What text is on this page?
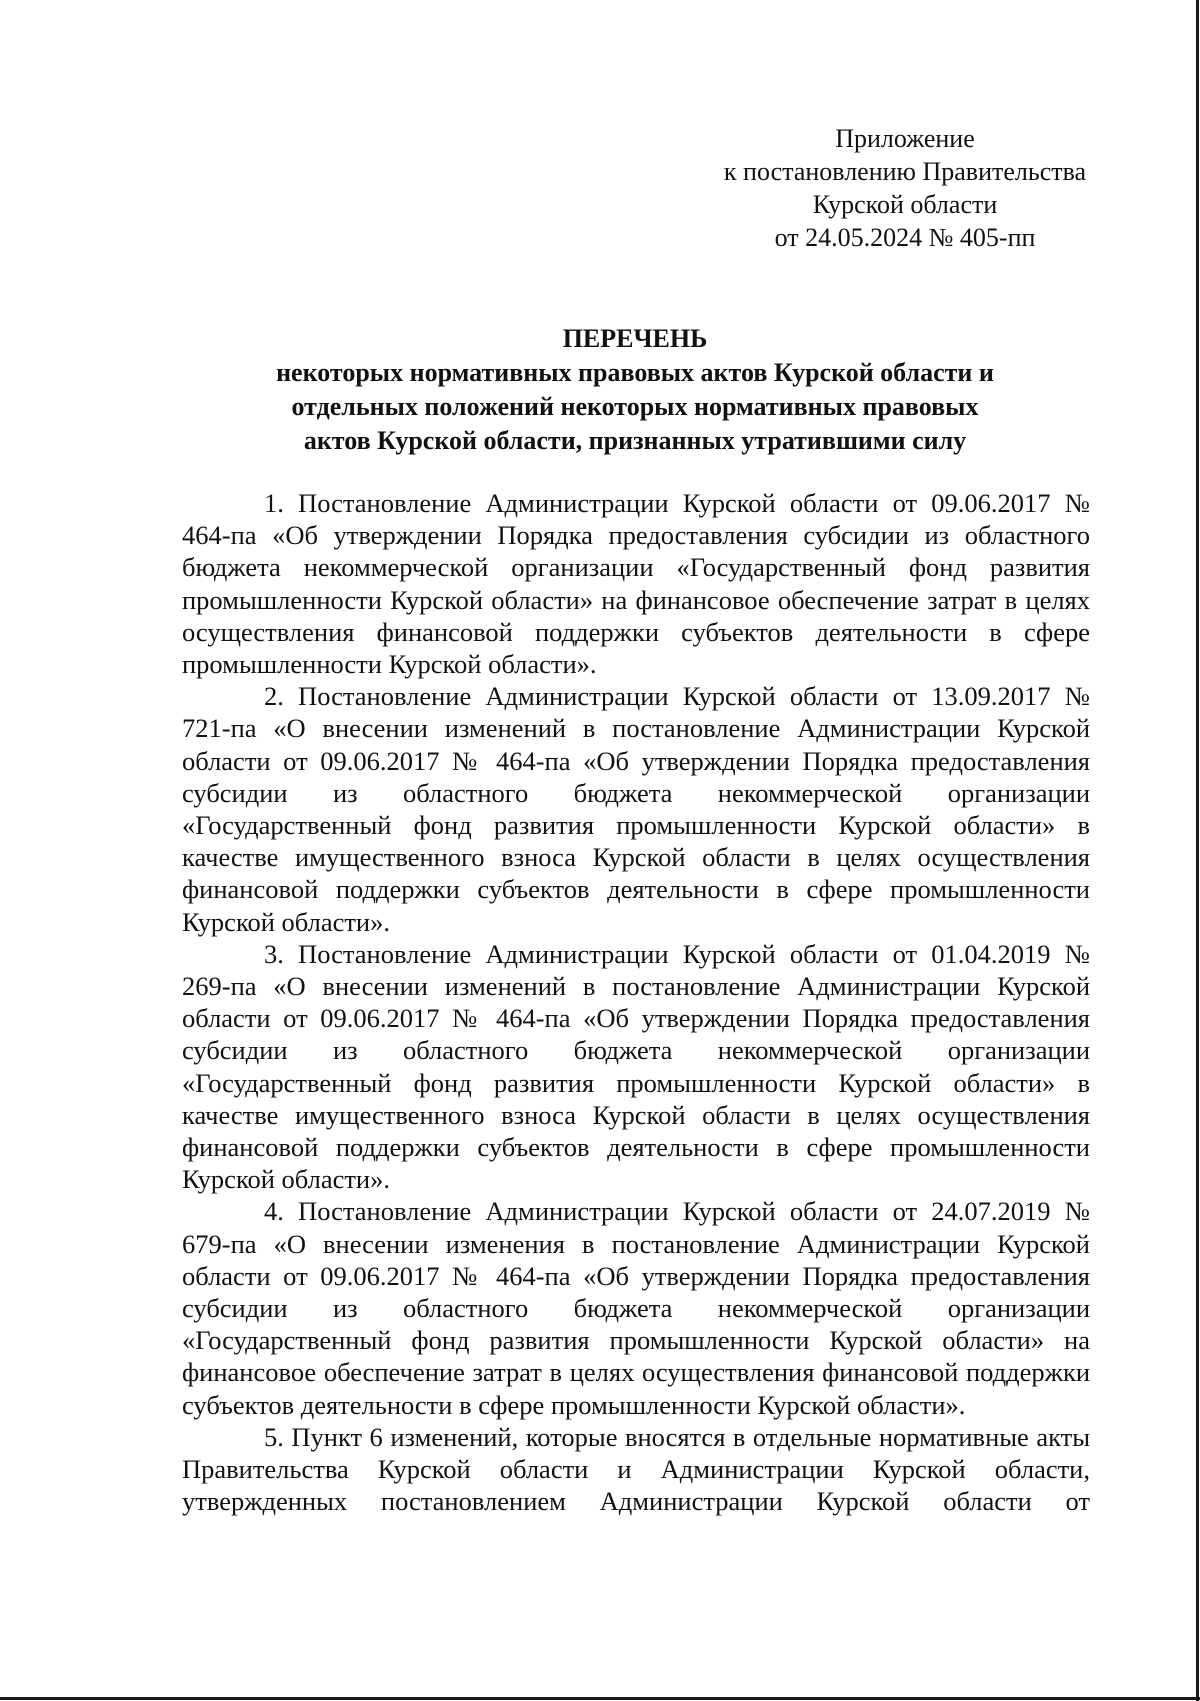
Приложение
к постановлению Правительства
Курской области
от 24.05.2024 № 405-пп
ПЕРЕЧЕНЬ
некоторых нормативных правовых актов Курской области и
отдельных положений некоторых нормативных правовых
актов Курской области, признанных утратившими силу

1. Постановление Администрации Курской области от 09.06.2017 № 464-па «Об утверждении Порядка предоставления субсидии из областного бюджета некоммерческой организации «Государственный фонд развития промышленности Курской области» на финансовое обеспечение затрат в целях осуществления финансовой поддержки субъектов деятельности в сфере промышленности Курской области».

2. Постановление Администрации Курской области от 13.09.2017 № 721-па «О внесении изменений в постановление Администрации Курской области от 09.06.2017 № 464-па «Об утверждении Порядка предоставления субсидии из областного бюджета некоммерческой организации «Государственный фонд развития промышленности Курской области» в качестве имущественного взноса Курской области в целях осуществления финансовой поддержки субъектов деятельности в сфере промышленности Курской области».

3. Постановление Администрации Курской области от 01.04.2019 № 269-па «О внесении изменений в постановление Администрации Курской области от 09.06.2017 № 464-па «Об утверждении Порядка предоставления субсидии из областного бюджета некоммерческой организации «Государственный фонд развития промышленности Курской области» в качестве имущественного взноса Курской области в целях осуществления финансовой поддержки субъектов деятельности в сфере промышленности Курской области».

4. Постановление Администрации Курской области от 24.07.2019 № 679-па «О внесении изменения в постановление Администрации Курской области от 09.06.2017 № 464-па «Об утверждении Порядка предоставления субсидии из областного бюджета некоммерческой организации «Государственный фонд развития промышленности Курской области» на финансовое обеспечение затрат в целях осуществления финансовой поддержки субъектов деятельности в сфере промышленности Курской области».

5. Пункт 6 изменений, которые вносятся в отдельные нормативные акты Правительства Курской области и Администрации Курской области, утвержденных постановлением Администрации Курской области от
